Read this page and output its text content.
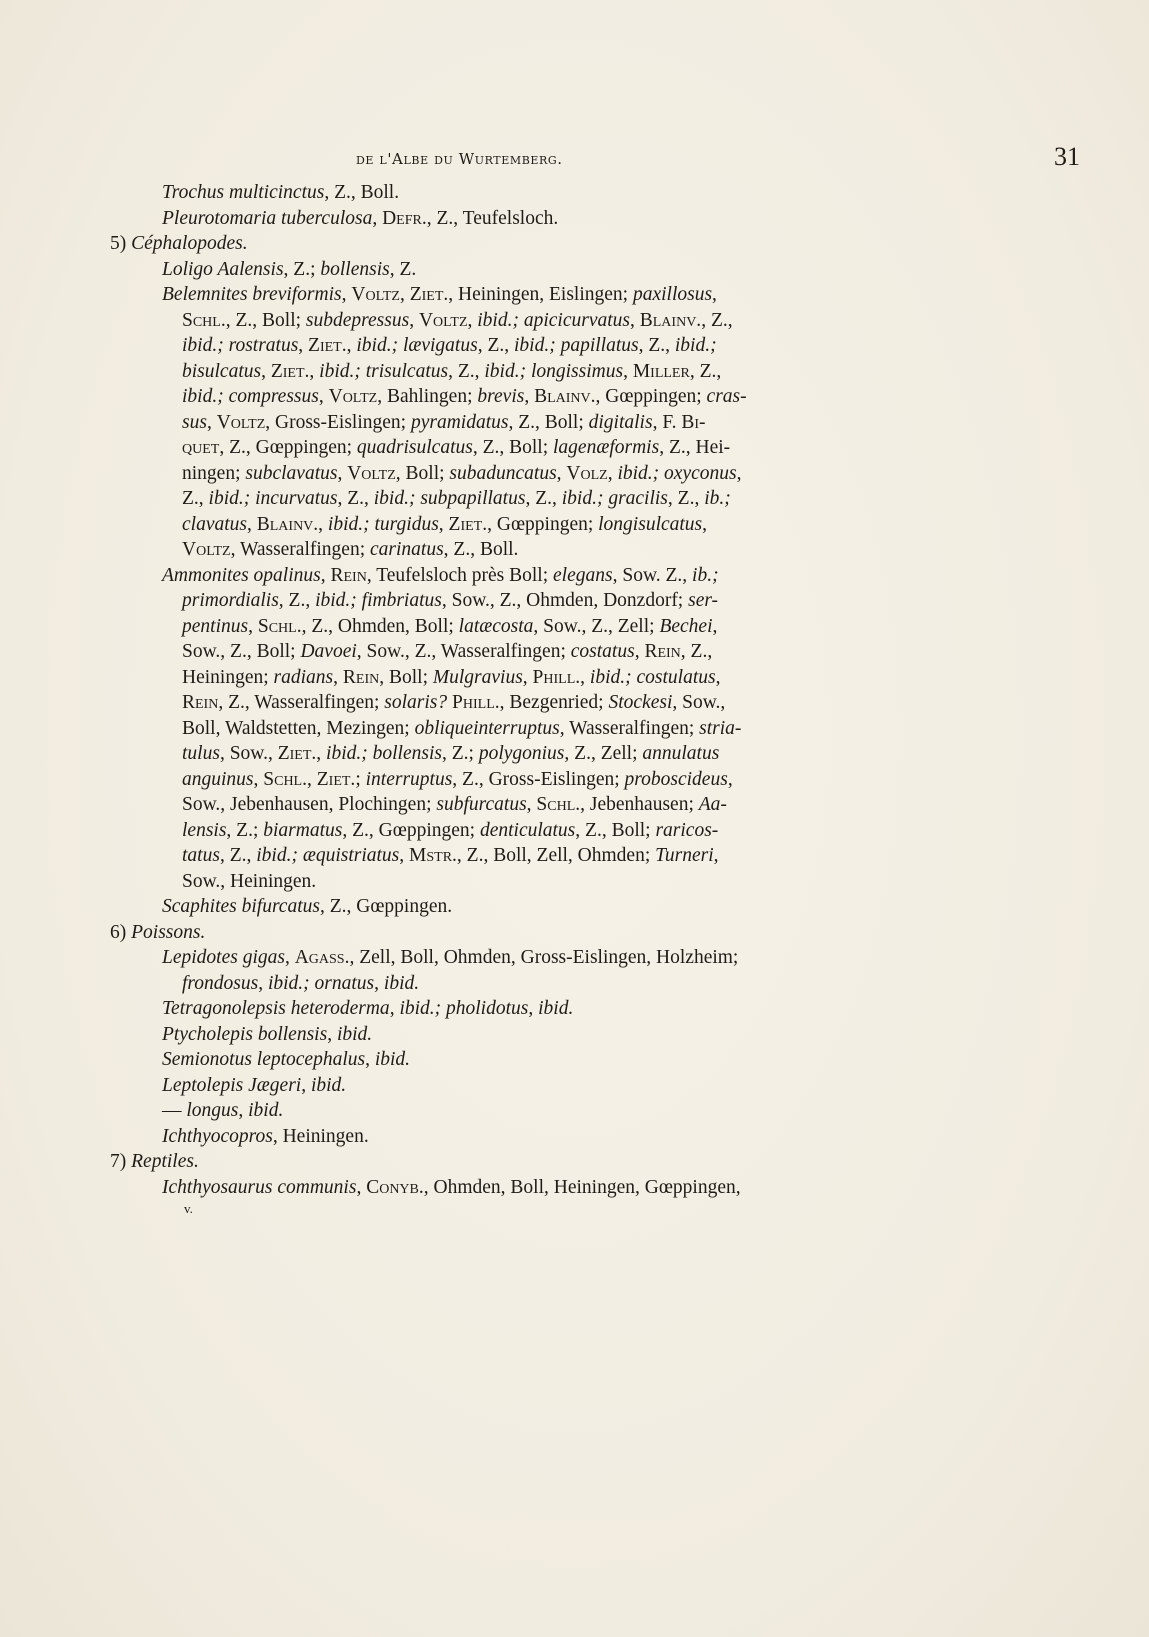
de l'Albe du Wurtemberg.	31

Trochus multicinctus, Z., Boll.

Pleurotomaria tuberculosa, Defr., Z., Teufelsloch.

5) Céphalopodes.

Loligo Aalensis, Z.; bollensis, Z.

Belemnites breviformis, Voltz, Ziet., Heiningen, Eislingen; paxillosus,

Schl., Z., Boll; subdepressus, Voltz, ibid.; apicicurvatus, Blainv., Z.,

ibid.; rostratus, Ziet., ibid.; lævigatus, Z., ibid.; papillatus, Z., ibid.;

bisulcatus, Ziet., ibid.; trisulcatus, Z., ibid.; longissimus, Miller, Z.,

ibid.; compressus, Voltz, Bahlingen; brevis, Blainv., Gœppingen; cras-

sus, Voltz, Gross-Eislingen; pyramidatus, Z., Boll; digitalis, F. Bi-

quet, Z., Gœppingen; quadrisulcatus, Z., Boll; lagenæformis, Z., Hei-

ningen; subclavatus, Voltz, Boll; subaduncatus, Volz, ibid.; oxyconus,

Z., ibid.; incurvatus, Z., ibid.; subpapillatus, Z., ibid.; gracilis, Z., ib.;

clavatus, Blainv., ibid.; turgidus, Ziet., Gœppingen; longisulcatus,

Voltz, Wasseralfingen; carinatus, Z., Boll.

Ammonites opalinus, Rein, Teufelsloch près Boll; elegans, Sow. Z., ib.;

primordialis, Z., ibid.; fimbriatus, Sow., Z., Ohmden, Donzdorf; ser-

pentinus, Schl., Z., Ohmden, Boll; latæcosta, Sow., Z., Zell; Bechei,

Sow., Z., Boll; Davoei, Sow., Z., Wasseralfingen; costatus, Rein, Z.,

Heiningen; radians, Rein, Boll; Mulgravius, Phill., ibid.; costulatus,

Rein, Z., Wasseralfingen; solaris? Phill., Bezgenried; Stockesi, Sow.,

Boll, Waldstetten, Mezingen; obliqueinterruptus, Wasseralfingen; stria-

tulus, Sow., Ziet., ibid.; bollensis, Z.; polygonius, Z., Zell; annulatus

anguinus, Schl., Ziet.; interruptus, Z., Gross-Eislingen; proboscideus,

Sow., Jebenhausen, Plochingen; subfurcatus, Schl., Jebenhausen; Aa-

lensis, Z.; biarmatus, Z., Gœppingen; denticulatus, Z., Boll; raricos-

tatus, Z., ibid.; æquistriatus, Mstr., Z., Boll, Zell, Ohmden; Turneri,

Sow., Heiningen.

Scaphites bifurcatus, Z., Gœppingen.

6) Poissons.

Lepidotes gigas, Agass., Zell, Boll, Ohmden, Gross-Eislingen, Holzheim;

frondosus, ibid.; ornatus, ibid.

Tetragonolepsis heteroderma, ibid.; pholidotus, ibid.

Ptycholepis bollensis, ibid.

Semionotus leptocephalus, ibid.

Leptolepis Jægeri, ibid.

— longus, ibid.

Ichthyocopros, Heiningen.

7) Reptiles.

Ichthyosaurus communis, Conyb., Ohmden, Boll, Heiningen, Gœppingen,

v.
